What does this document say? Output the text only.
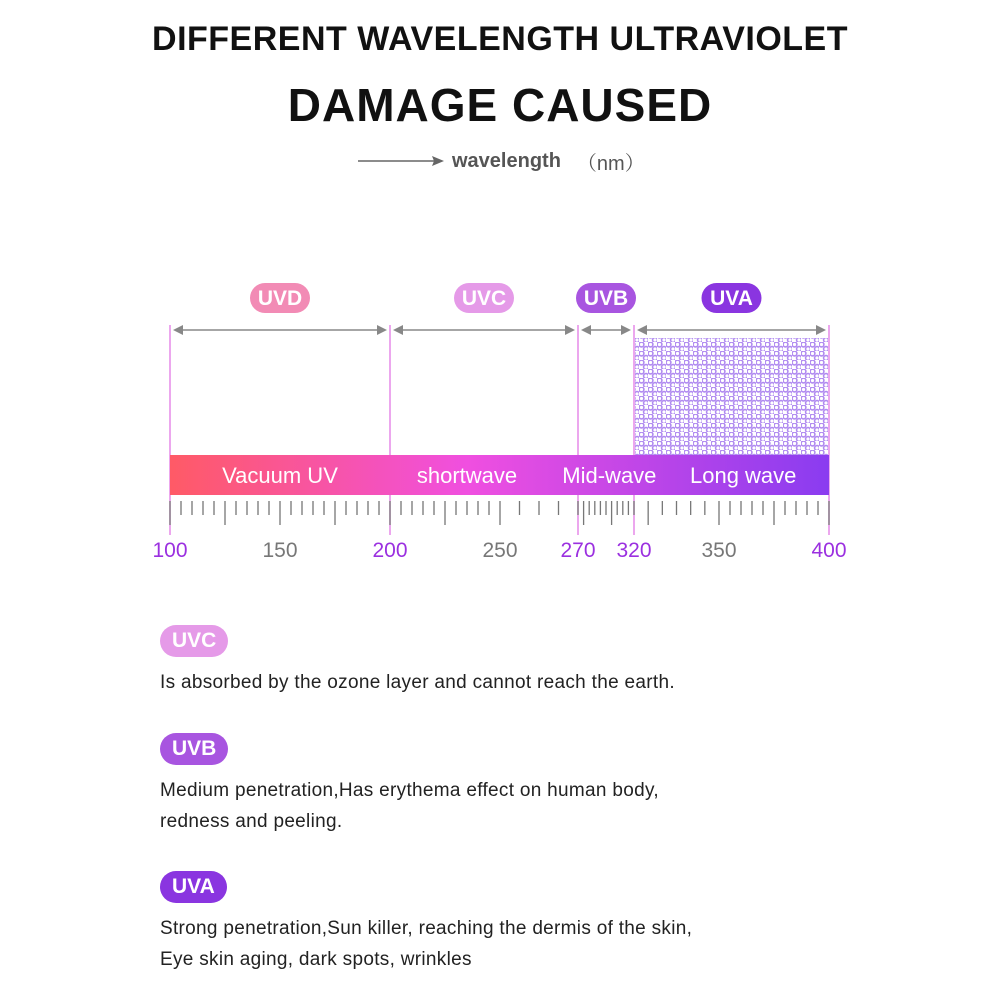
DIFFERENT WAVELENGTH ULTRAVIOLET
DAMAGE CAUSED
wavelength （nm）
UVD	UVC	UVB	UVA
Vacuum UV	shortwave Mid-wave Long wave
100	150	200	250 270 320 350	400
UVC
Is absorbed by the ozone layer and cannot reach the earth.
UVB
Medium penetration,Has erythema effect on human body,
redness and peeling.
UVA
Strong penetration,Sun killer, reaching the dermis of the skin,
Eye skin aging, dark spots, wrinkles
